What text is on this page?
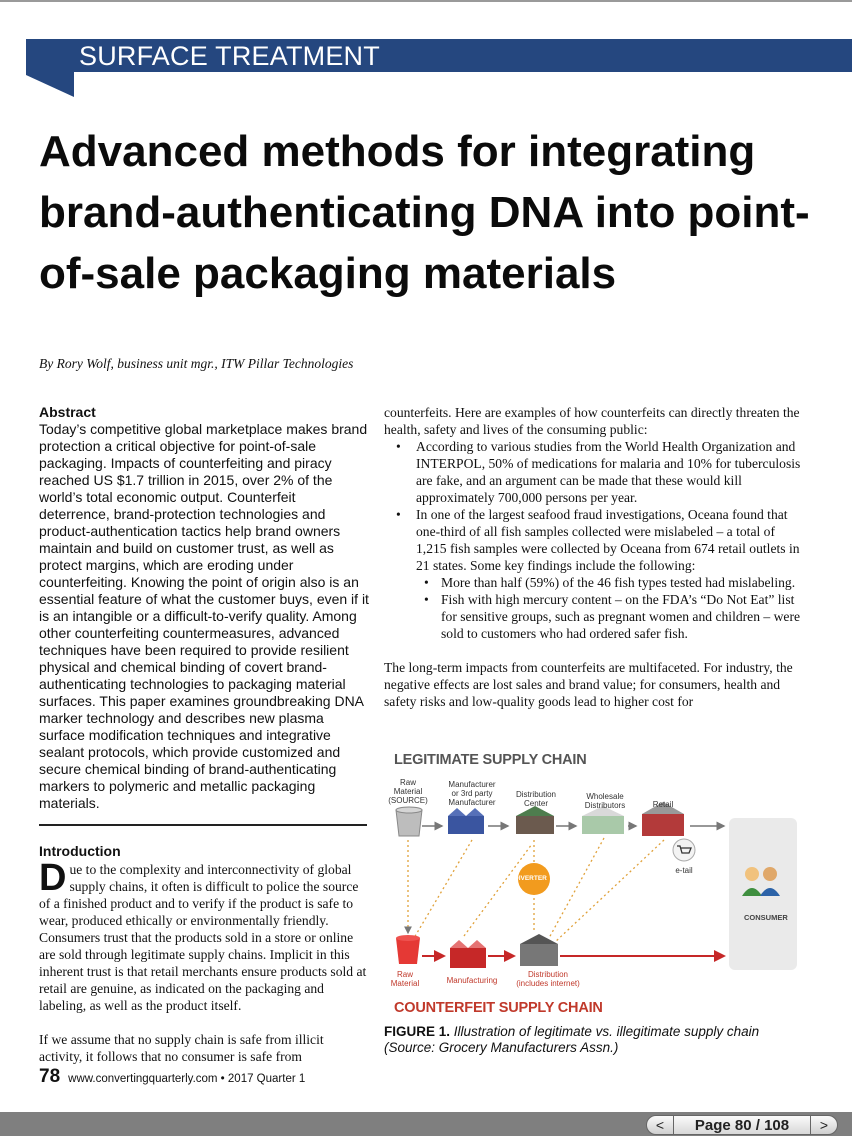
SURFACE TREATMENT
Advanced methods for integrating brand-authenticating DNA into point-of-sale packaging materials
By Rory Wolf, business unit mgr., ITW Pillar Technologies
Abstract

Today’s competitive global marketplace makes brand protection a critical objective for point-of-sale packaging. Impacts of counterfeiting and piracy reached US $1.7 trillion in 2015, over 2% of the world’s total economic output. Counterfeit deterrence, brand-protection technologies and product-authentication tactics help brand owners maintain and build on customer trust, as well as protect margins, which are eroding under counterfeiting. Knowing the point of origin also is an essential feature of what the customer buys, even if it is an intangible or a difficult-to-verify quality. Among other counterfeiting countermeasures, advanced techniques have been required to provide resilient physical and chemical binding of covert brand-authenticating technologies to packaging material surfaces. This paper examines groundbreaking DNA marker technology and describes new plasma surface modification techniques and integrative sealant protocols, which provide customized and secure chemical binding of brand-authenticating markers to polymeric and metallic packaging materials.

Introduction
D ue to the complexity and interconnectivity of global supply chains, it often is difficult to police the source of a finished product and to verify if the product is safe to wear, produced ethically or environmentally friendly. Consumers trust that the products sold in a store or online are sold through legitimate supply chains. Implicit in this inherent trust is that retail merchants ensure products sold at retail are genuine, as indicated on the packaging and labeling, as well as the product itself.
If we assume that no supply chain is safe from illicit activity, it follows that no consumer is safe from
78 www.convertingquarterly.com • 2017 Quarter 1

counterfeits. Here are examples of how counterfeits can directly threaten the health, safety and lives of the consuming public:

• According to various studies from the World Health Organization and INTERPOL, 50% of medications for malaria and 10% for tuberculosis are fake, and an argument can be made that these would kill approximately 700,000 persons per year.
• In one of the largest seafood fraud investigations, Oceana found that one-third of all fish samples collected were mislabeled – a total of 1,215 fish samples were collected by Oceana from 674 retail outlets in 21 states. Some key findings include the following:
• More than half (59%) of the 46 fish types tested had mislabeling.
• Fish with high mercury content – on the FDA’s “Do Not Eat” list for sensitive groups, such as pregnant women and children – were sold to customers who had ordered safer fish.

The long-term impacts from counterfeits are multifaceted. For industry, the negative effects are lost sales and brand value; for consumers, health and safety risks and low-quality goods lead to higher cost for

LEGITIMATE SUPPLY CHAIN
Raw Material (SOURCE)
Manufacturer or 3rd party Manufacturer
Distribution Center
Wholesale Distributors	Retail
e-tail
DIVERTER
CONSUMER
Raw Material	Manufacturing
Distribution (includes internet)
COUNTERFEIT SUPPLY CHAIN
FIGURE 1. Illustration of legitimate vs. illegitimate supply chain (Source: Grocery Manufacturers Assn.)
<	Page 80 / 108	>
